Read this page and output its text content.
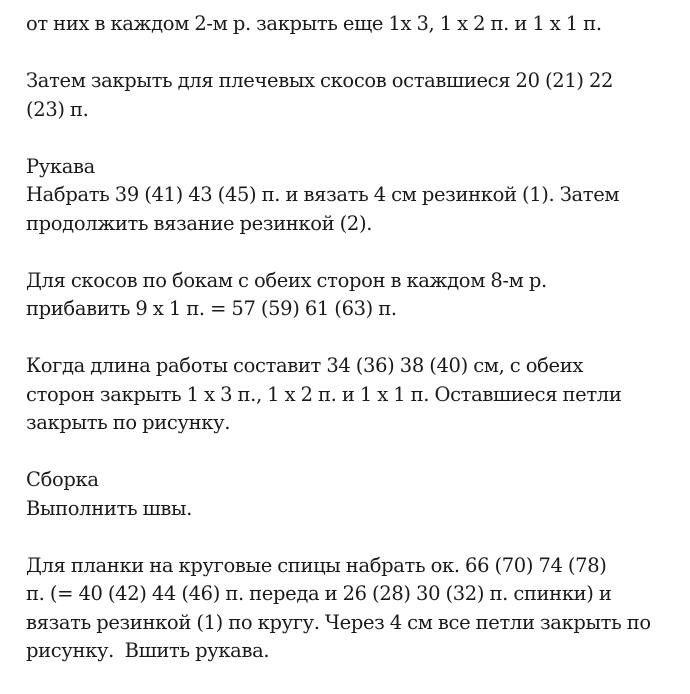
от них в каждом 2-м р. закрыть еще 1х 3, 1 х 2 п. и 1 х 1 п.
Затем закрыть для плечевых скосов оставшиеся 20 (21) 22
(23) п.
Рукава
Набрать 39 (41) 43 (45) п. и вязать 4 см резинкой (1). Затем
продолжить вязание резинкой (2).
Для скосов по бокам с обеих сторон в каждом 8-м р.
прибавить 9 х 1 п. = 57 (59) 61 (63) п.
Когда длина работы составит 34 (36) 38 (40) см, с обеих
сторон закрыть 1 х 3 п., 1 х 2 п. и 1 х 1 п. Оставшиеся петли
закрыть по рисунку.
Сборка
Выполнить швы.
Для планки на круговые спицы набрать ок. 66 (70) 74 (78)
п. (= 40 (42) 44 (46) п. переда и 26 (28) 30 (32) п. спинки) и
вязать резинкой (1) по кругу. Через 4 см все петли закрыть по
рисунку.  Вшить рукава.
